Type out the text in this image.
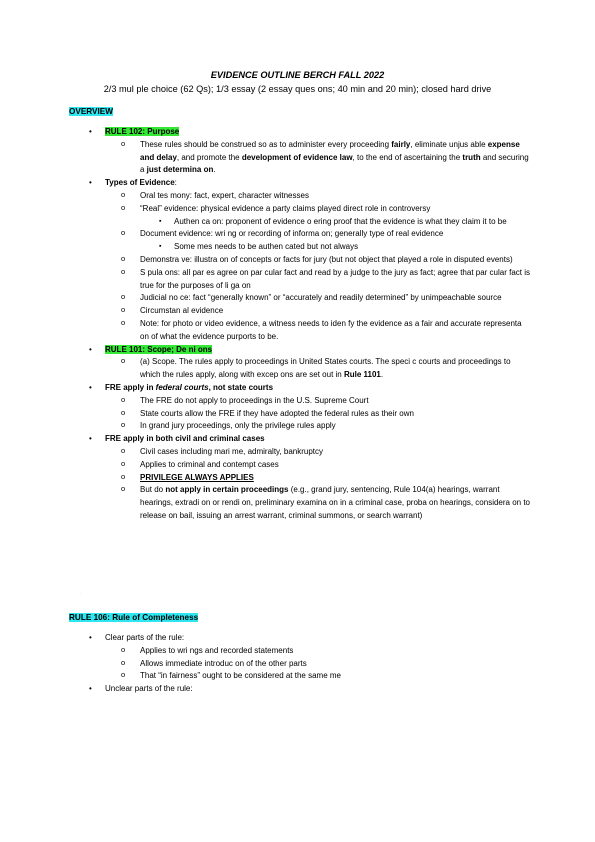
EVIDENCE OUTLINE BERCH FALL 2022
2/3 mul ple choice (62 Qs); 1/3 essay (2 essay ques ons; 40 min and 20 min); closed hard drive
OVERVIEW
• RULE 102: Purpose
o These rules should be construed so as to administer every proceeding fairly, eliminate unjus able expense and delay, and promote the development of evidence law, to the end of ascertaining the truth and securing a just determina on.
• Types of Evidence:
o Oral tes mony: fact, expert, character witnesses
o “Real” evidence: physical evidence a party claims played direct role in controversy
▪ Authen ca on: proponent of evidence o ering proof that the evidence is what they claim it to be
o Document evidence: wri ng or recording of informa on; generally type of real evidence
▪ Some mes needs to be authen cated but not always
o Demonstra ve: illustra on of concepts or facts for jury (but not object that played a role in disputed events)
o S pula ons: all par es agree on par cular fact and read by a judge to the jury as fact; agree that par cular fact is true for the purposes of li ga on
o Judicial no ce: fact “generally known” or “accurately and readily determined” by unimpeachable source
o Circumstan al evidence
o Note: for photo or video evidence, a witness needs to iden fy the evidence as a fair and accurate representa on of what the evidence purports to be.
• RULE 101: Scope; De ni ons
o (a) Scope. The rules apply to proceedings in United States courts. The speci c courts and proceedings to which the rules apply, along with excep ons are set out in Rule 1101.
• FRE apply in federal courts, not state courts
o The FRE do not apply to proceedings in the U.S. Supreme Court
o State courts allow the FRE if they have adopted the federal rules as their own
o In grand jury proceedings, only the privilege rules apply
• FRE apply in both civil and criminal cases
o Civil cases including mari me, admiralty, bankruptcy
o Applies to criminal and contempt cases
o PRIVILEGE ALWAYS APPLIES
o But do not apply in certain proceedings (e.g., grand jury, sentencing, Rule 104(a) hearings, warrant hearings, extradi on or rendi on, preliminary examina on in a criminal case, proba on hearings, considera on to release on bail, issuing an arrest warrant, criminal summons, or search warrant)
.
RULE 106: Rule of Completeness
• Clear parts of the rule:
o Applies to wri ngs and recorded statements
o Allows immediate introduc on of the other parts
o That “in fairness” ought to be considered at the same me
• Unclear parts of the rule:
